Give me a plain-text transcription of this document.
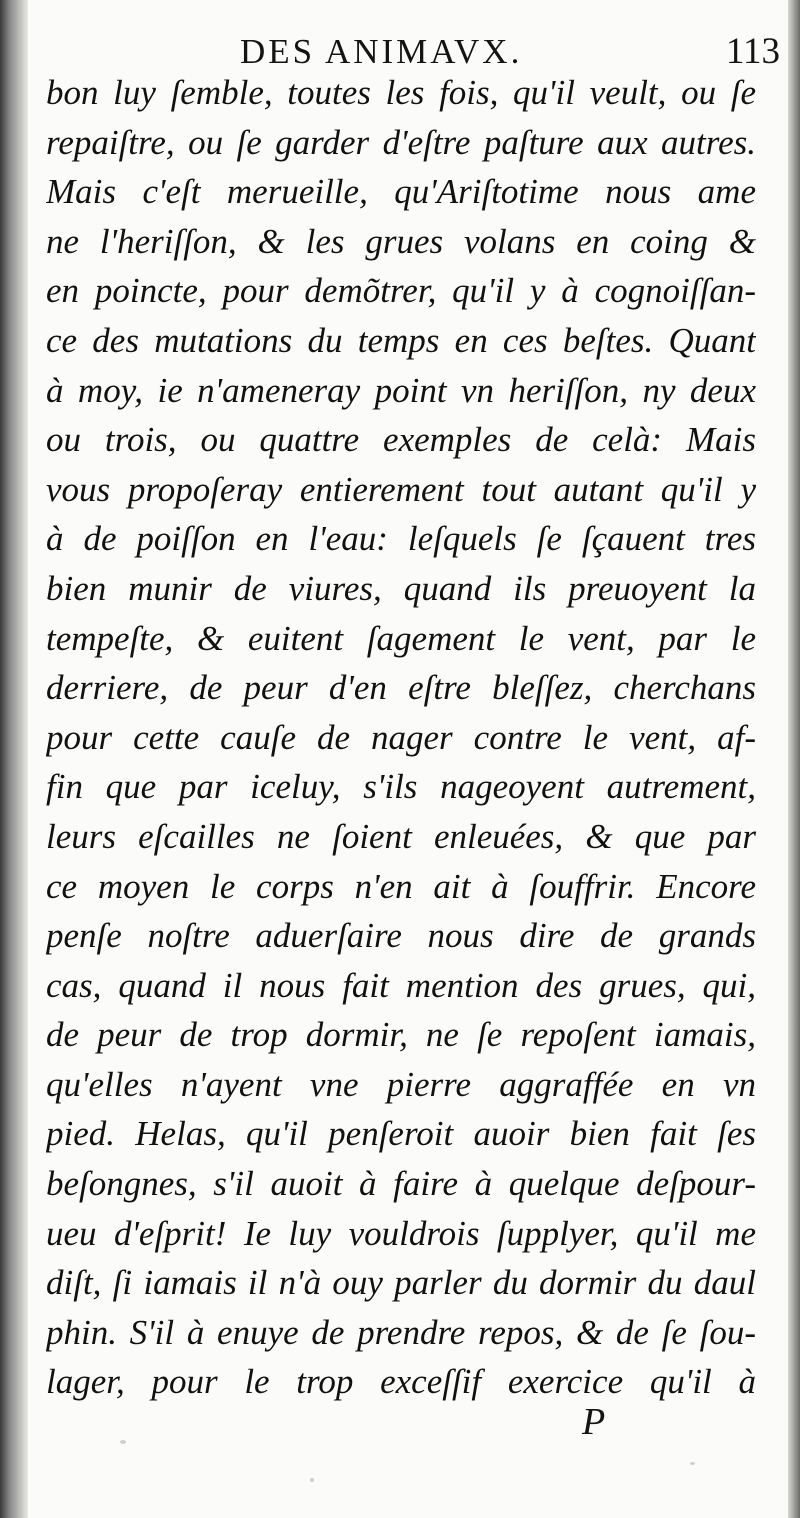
DES ANIMAVX.	113
bon luy ſemble, toutes les fois, qu'il veult, ou ſe
repaiſtre, ou ſe garder d'eſtre paſture aux autres.
Mais c'eſt merueille, qu'Ariſtotime nous ame
ne l'heriſſon, & les grues volans en coing &
en poincte, pour demõtrer, qu'il y à cognoiſſan-
ce des mutations du temps en ces beſtes. Quant
à moy, ie n'ameneray point vn heriſſon, ny deux
ou trois, ou quattre exemples de celà: Mais
vous propoſeray entierement tout autant qu'il y
à de poiſſon en l'eau: leſquels ſe ſçauent tres
bien munir de viures, quand ils preuoyent la
tempeſte, & euitent ſagement le vent, par le
derriere, de peur d'en eſtre bleſſez, cherchans
pour cette cauſe de nager contre le vent, af-
fin que par iceluy, s'ils nageoyent autrement,
leurs eſcailles ne ſoient enleuées, & que par
ce moyen le corps n'en ait à ſouffrir. Encore
penſe noſtre aduerſaire nous dire de grands
cas, quand il nous fait mention des grues, qui,
de peur de trop dormir, ne ſe repoſent iamais,
qu'elles n'ayent vne pierre aggraffée en vn
pied. Helas, qu'il penſeroit auoir bien fait ſes
beſongnes, s'il auoit à faire à quelque deſpour-
ueu d'eſprit! Ie luy vouldrois ſupplyer, qu'il me
diſt, ſi iamais il n'à ouy parler du dormir du daul
phin. S'il à enuye de prendre repos, & de ſe ſou-
lager, pour le trop exceſſif exercice qu'il à
P
